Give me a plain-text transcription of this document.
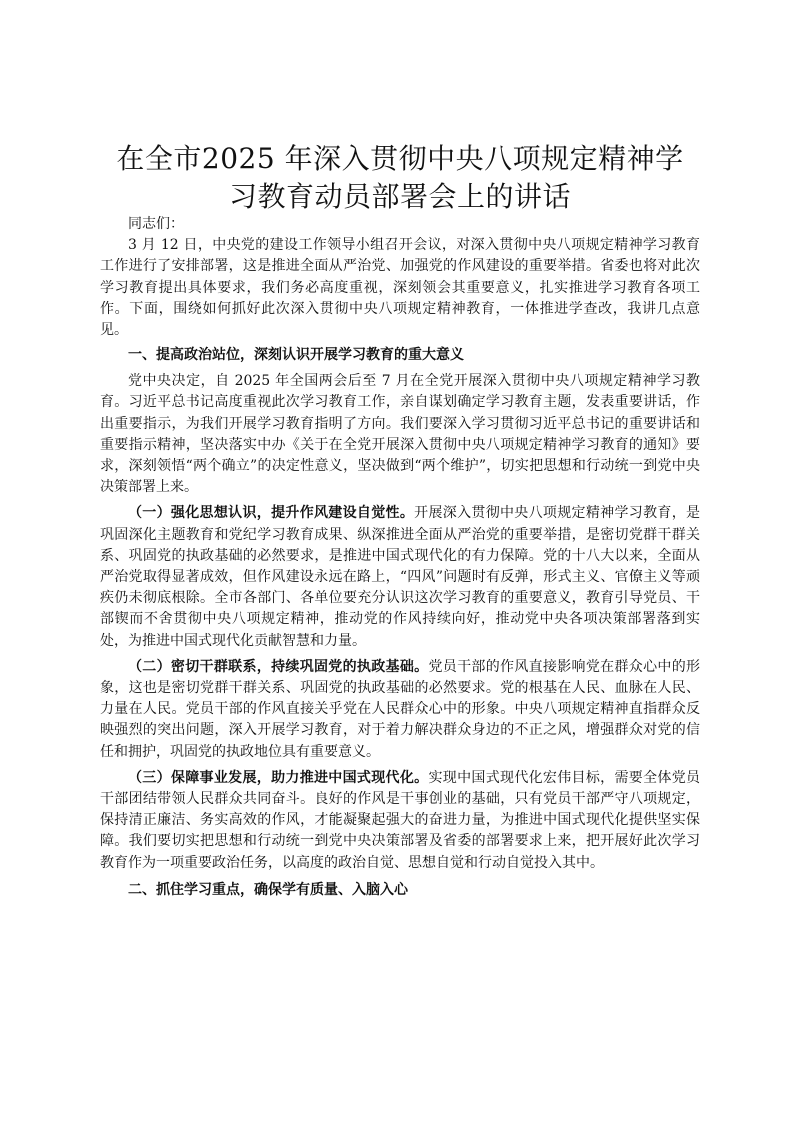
在全市2025 年深入贯彻中央八项规定精神学
习教育动员部署会上的讲话

同志们：

3 月 12 日，中央党的建设工作领导小组召开会议，对深入贯彻中央八项规定精神学习教育工作进行了安排部署，这是推进全面从严治党、加强党的作风建设的重要举措。省委也将对此次学习教育提出具体要求，我们务必高度重视，深刻领会其重要意义，扎实推进学习教育各项工作。下面，围绕如何抓好此次深入贯彻中央八项规定精神教育，一体推进学查改，我讲几点意见。

一、提高政治站位，深刻认识开展学习教育的重大意义

党中央决定，自 2025 年全国两会后至 7 月在全党开展深入贯彻中央八项规定精神学习教育。习近平总书记高度重视此次学习教育工作，亲自谋划确定学习教育主题，发表重要讲话，作出重要指示，为我们开展学习教育指明了方向。我们要深入学习贯彻习近平总书记的重要讲话和重要指示精神，坚决落实中办《关于在全党开展深入贯彻中央八项规定精神学习教育的通知》要求，深刻领悟“两个确立”的决定性意义，坚决做到“两个维护”，切实把思想和行动统一到党中央决策部署上来。

（一）强化思想认识，提升作风建设自觉性。开展深入贯彻中央八项规定精神学习教育，是巩固深化主题教育和党纪学习教育成果、纵深推进全面从严治党的重要举措，是密切党群干群关系、巩固党的执政基础的必然要求，是推进中国式现代化的有力保障。党的十八大以来，全面从严治党取得显著成效，但作风建设永远在路上，“四风”问题时有反弹，形式主义、官僚主义等顽疾仍未彻底根除。全市各部门、各单位要充分认识这次学习教育的重要意义，教育引导党员、干部锲而不舍贯彻中央八项规定精神，推动党的作风持续向好，推动党中央各项决策部署落到实处，为推进中国式现代化贡献智慧和力量。

（二）密切干群联系，持续巩固党的执政基础。党员干部的作风直接影响党在群众心中的形象，这也是密切党群干群关系、巩固党的执政基础的必然要求。党的根基在人民、血脉在人民、力量在人民。党员干部的作风直接关乎党在人民群众心中的形象。中央八项规定精神直指群众反映强烈的突出问题，深入开展学习教育，对于着力解决群众身边的不正之风，增强群众对党的信任和拥护，巩固党的执政地位具有重要意义。

（三）保障事业发展，助力推进中国式现代化。实现中国式现代化宏伟目标，需要全体党员干部团结带领人民群众共同奋斗。良好的作风是干事创业的基础，只有党员干部严守八项规定，保持清正廉洁、务实高效的作风，才能凝聚起强大的奋进力量，为推进中国式现代化提供坚实保障。我们要切实把思想和行动统一到党中央决策部署及省委的部署要求上来，把开展好此次学习教育作为一项重要政治任务，以高度的政治自觉、思想自觉和行动自觉投入其中。

二、抓住学习重点，确保学有质量、入脑入心
